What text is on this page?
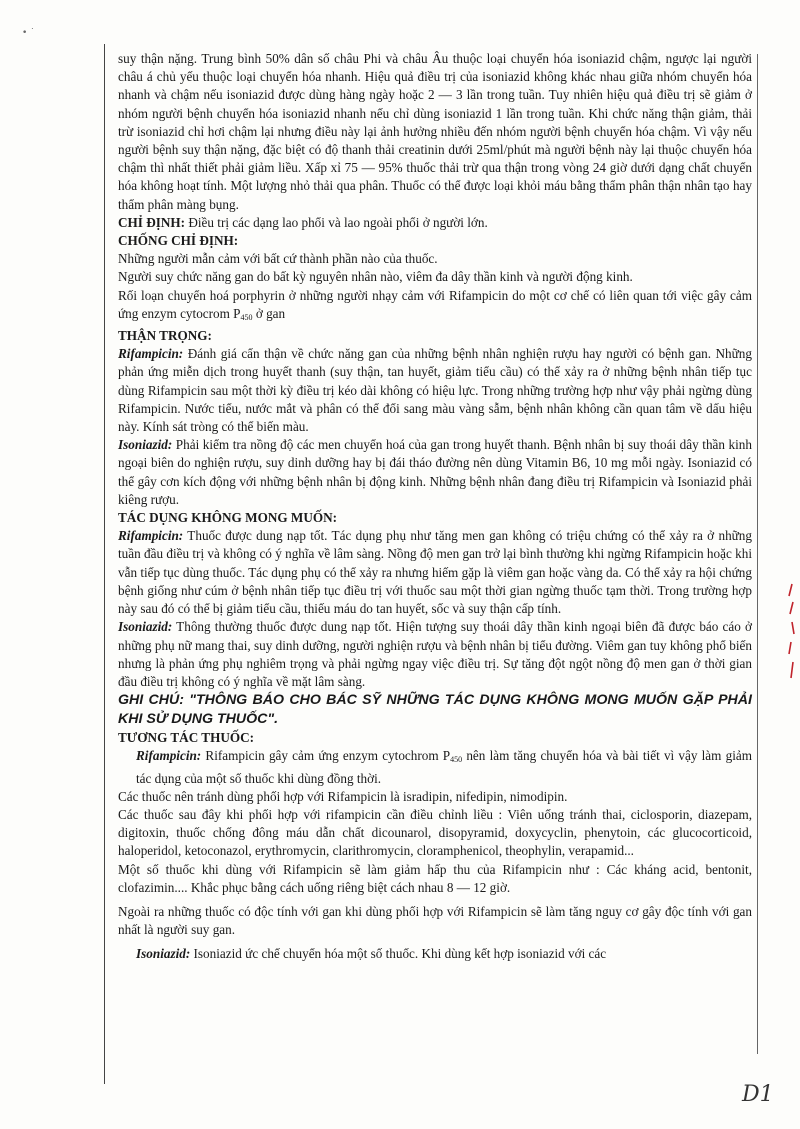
• ˙

suy thận nặng. Trung bình 50% dân số châu Phi và châu Âu thuộc loại chuyển hóa isoniazid chậm, ngược lại người châu á chủ yếu thuộc loại chuyển hóa nhanh. Hiệu quả điều trị của isoniazid không khác nhau giữa nhóm chuyển hóa nhanh và chậm nếu isoniazid được dùng hàng ngày hoặc 2 — 3 lần trong tuần. Tuy nhiên hiệu quả điều trị sẽ giảm ở nhóm người bệnh chuyển hóa isoniazid nhanh nếu chỉ dùng isoniazid 1 lần trong tuần. Khi chức năng thận giảm, thải trừ isoniazid chỉ hơi chậm lại nhưng điều này lại ảnh hưởng nhiều đến nhóm người bệnh chuyển hóa chậm. Vì vậy nếu người bệnh suy thận nặng, đặc biệt có độ thanh thải creatinin dưới 25ml/phút mà người bệnh này lại thuộc chuyển hóa chậm thì nhất thiết phải giảm liều. Xấp xỉ 75 — 95% thuốc thải trừ qua thận trong vòng 24 giờ dưới dạng chất chuyển hóa không hoạt tính. Một lượng nhỏ thải qua phân. Thuốc có thể được loại khỏi máu bằng thẩm phân thận nhân tạo hay thẩm phân màng bụng.

CHỈ ĐỊNH: Điều trị các dạng lao phổi và lao ngoài phổi ở người lớn.

CHỐNG CHỈ ĐỊNH:

Những người mẫn cảm với bất cứ thành phần nào của thuốc.

Người suy chức năng gan do bất kỳ nguyên nhân nào, viêm đa dây thần kinh và người động kinh.

Rối loạn chuyển hoá porphyrin ở những người nhạy cảm với Rifampicin do một cơ chế có liên quan tới việc gây cảm ứng enzym cytocrom $P_{450}$ ở gan

THẬN TRỌNG:

Rifampicin: Đánh giá cẩn thận về chức năng gan của những bệnh nhân nghiện rượu hay người có bệnh gan. Những phản ứng miễn dịch trong huyết thanh (suy thận, tan huyết, giảm tiểu cầu) có thể xảy ra ở những bệnh nhân tiếp tục dùng Rifampicin sau một thời kỳ điều trị kéo dài không có hiệu lực. Trong những trường hợp như vậy phải ngừng dùng Rifampicin. Nước tiểu, nước mắt và phân có thể đổi sang màu vàng sẫm, bệnh nhân không cần quan tâm về dấu hiệu này. Kính sát tròng có thể biến màu.

Isoniazid: Phải kiểm tra nồng độ các men chuyển hoá của gan trong huyết thanh. Bệnh nhân bị suy thoái dây thần kinh ngoại biên do nghiện rượu, suy dinh dưỡng hay bị đái tháo đường nên dùng Vitamin B6, 10 mg mỗi ngày. Isoniazid có thể gây cơn kích động với những bệnh nhân bị động kinh. Những bệnh nhân đang điều trị Rifampicin và Isoniazid phải kiêng rượu.

TÁC DỤNG KHÔNG MONG MUỐN:

Rifampicin: Thuốc được dung nạp tốt. Tác dụng phụ như tăng men gan không có triệu chứng có thể xảy ra ở những tuần đầu điều trị và không có ý nghĩa về lâm sàng. Nồng độ men gan trở lại bình thường khi ngừng Rifampicin hoặc khi vẫn tiếp tục dùng thuốc. Tác dụng phụ có thể xảy ra nhưng hiếm gặp là viêm gan hoặc vàng da. Có thể xảy ra hội chứng bệnh giống như cúm ở bệnh nhân tiếp tục điều trị với thuốc sau một thời gian ngừng thuốc tạm thời. Trong trường hợp này sau đó có thể bị giảm tiểu cầu, thiếu máu do tan huyết, sốc và suy thận cấp tính.

Isoniazid: Thông thường thuốc được dung nạp tốt. Hiện tượng suy thoái dây thần kinh ngoại biên đã được báo cáo ở những phụ nữ mang thai, suy dinh dưỡng, người nghiện rượu và bệnh nhân bị tiểu đường. Viêm gan tuy không phổ biến nhưng là phản ứng phụ nghiêm trọng và phải ngừng ngay việc điều trị. Sự tăng đột ngột nồng độ men gan ở thời gian đầu điều trị không có ý nghĩa về mặt lâm sàng.

GHI CHÚ: "THÔNG BÁO CHO BÁC SỸ NHỮNG TÁC DỤNG KHÔNG MONG MUỐN GẶP PHẢI KHI SỬ DỤNG THUỐC".

TƯƠNG TÁC THUỐC:

Rifampicin: Rifampicin gây cảm ứng enzym cytochrom $P_{450}$ nên làm tăng chuyển hóa và bài tiết vì vậy làm giảm tác dụng của một số thuốc khi dùng đồng thời.

Các thuốc nên tránh dùng phối hợp với Rifampicin là isradipin, nifedipin, nimodipin.

Các thuốc sau đây khi phối hợp với rifampicin cần điều chỉnh liều : Viên uống tránh thai, ciclosporin, diazepam, digitoxin, thuốc chống đông máu dẫn chất dicounarol, disopyramid, doxycyclin, phenytoin, các glucocorticoid, haloperidol, ketoconazol, erythromycin, clarithromycin, cloramphenicol, theophylin, verapamid...

Một số thuốc khi dùng với Rifampicin sẽ làm giảm hấp thu của Rifampicin như : Các kháng acid, bentonit, clofazimin.... Khắc phục bằng cách uống riêng biệt cách nhau 8 — 12 giờ.

Ngoài ra những thuốc có độc tính với gan khi dùng phối hợp với Rifampicin sẽ làm tăng nguy cơ gây độc tính với gan nhất là người suy gan.

Isoniazid: Isoniazid ức chế chuyển hóa một số thuốc. Khi dùng kết hợp isoniazid với các

D1
